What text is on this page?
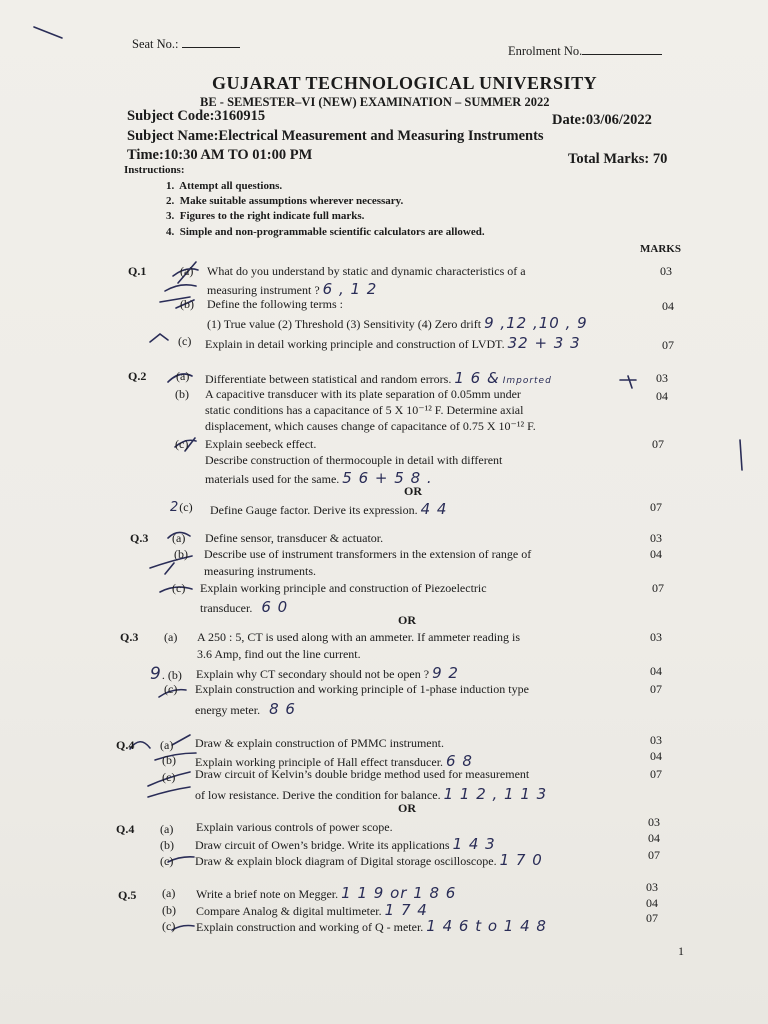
Seat No.:	Enrolment No.
GUJARAT TECHNOLOGICAL UNIVERSITY
BE - SEMESTER–VI (NEW) EXAMINATION – SUMMER 2022
Subject Code:3160915	Date:03/06/2022
Subject Name:Electrical Measurement and Measuring Instruments
Time:10:30 AM TO 01:00 PM	Total Marks: 70
Instructions:
1. Attempt all questions.
2. Make suitable assumptions wherever necessary.
3. Figures to the right indicate full marks.
4. Simple and non-programmable scientific calculators are allowed.
MARKS
Q.1	(a) What do you understand by static and dynamic characteristics of a
measuring instrument ? 6 , 1 2
03
(b) Define the following terms :
(1) True value (2) Threshold (3) Sensitivity (4) Zero drift 9 ,12 ,10 , 9
04
(c) Explain in detail working principle and construction of LVDT. 32 + 3 3	07
Q.2 (a) Differentiate between statistical and random errors. 1 6 & Imported	03
(b) A capacitive transducer with its plate separation of 0.05mm under
static conditions has a capacitance of 5 X 10⁻¹² F. Determine axial
displacement, which causes change of capacitance of 0.75 X 10⁻¹² F.
04
(c) Explain seebeck effect.
Describe construction of thermocouple in detail with different
materials used for the same. 5 6 + 5 8 .
07
OR
2(c) Define Gauge factor. Derive its expression. 4 4	07
Q.3 (a) Define sensor, transducer & actuator.	03
(b) Describe use of instrument transformers in the extension of range of
measuring instruments.
04
(c) Explain working principle and construction of Piezoelectric
transducer. 6 0
07
OR
Q.3 (a) A 250 : 5, CT is used along with an ammeter. If ammeter reading is
3.6 Amp, find out the line current.
03
9. (b) Explain why CT secondary should not be open ? 9 2	04
(c) Explain construction and working principle of 1-phase induction type
energy meter. 8 6
07
Q.4 (a) Draw & explain construction of PMMC instrument.	03
(b) Explain working principle of Hall effect transducer. 6 8	04
(c) Draw circuit of Kelvin’s double bridge method used for measurement
of low resistance. Derive the condition for balance. 1 1 2 , 1 1 3
07
OR
Q.4 (a) Explain various controls of power scope.	03
(b) Draw circuit of Owen’s bridge. Write its applications 1 4 3	04
(c) Draw & explain block diagram of Digital storage oscilloscope. 1 7 0	07
Q.5 (a) Write a brief note on Megger. 1 1 9 or 1 8 6	03
(b) Compare Analog & digital multimeter. 1 7 4	04
(c) Explain construction and working of Q - meter. 1 4 6 t o 1 4 8	07
1
